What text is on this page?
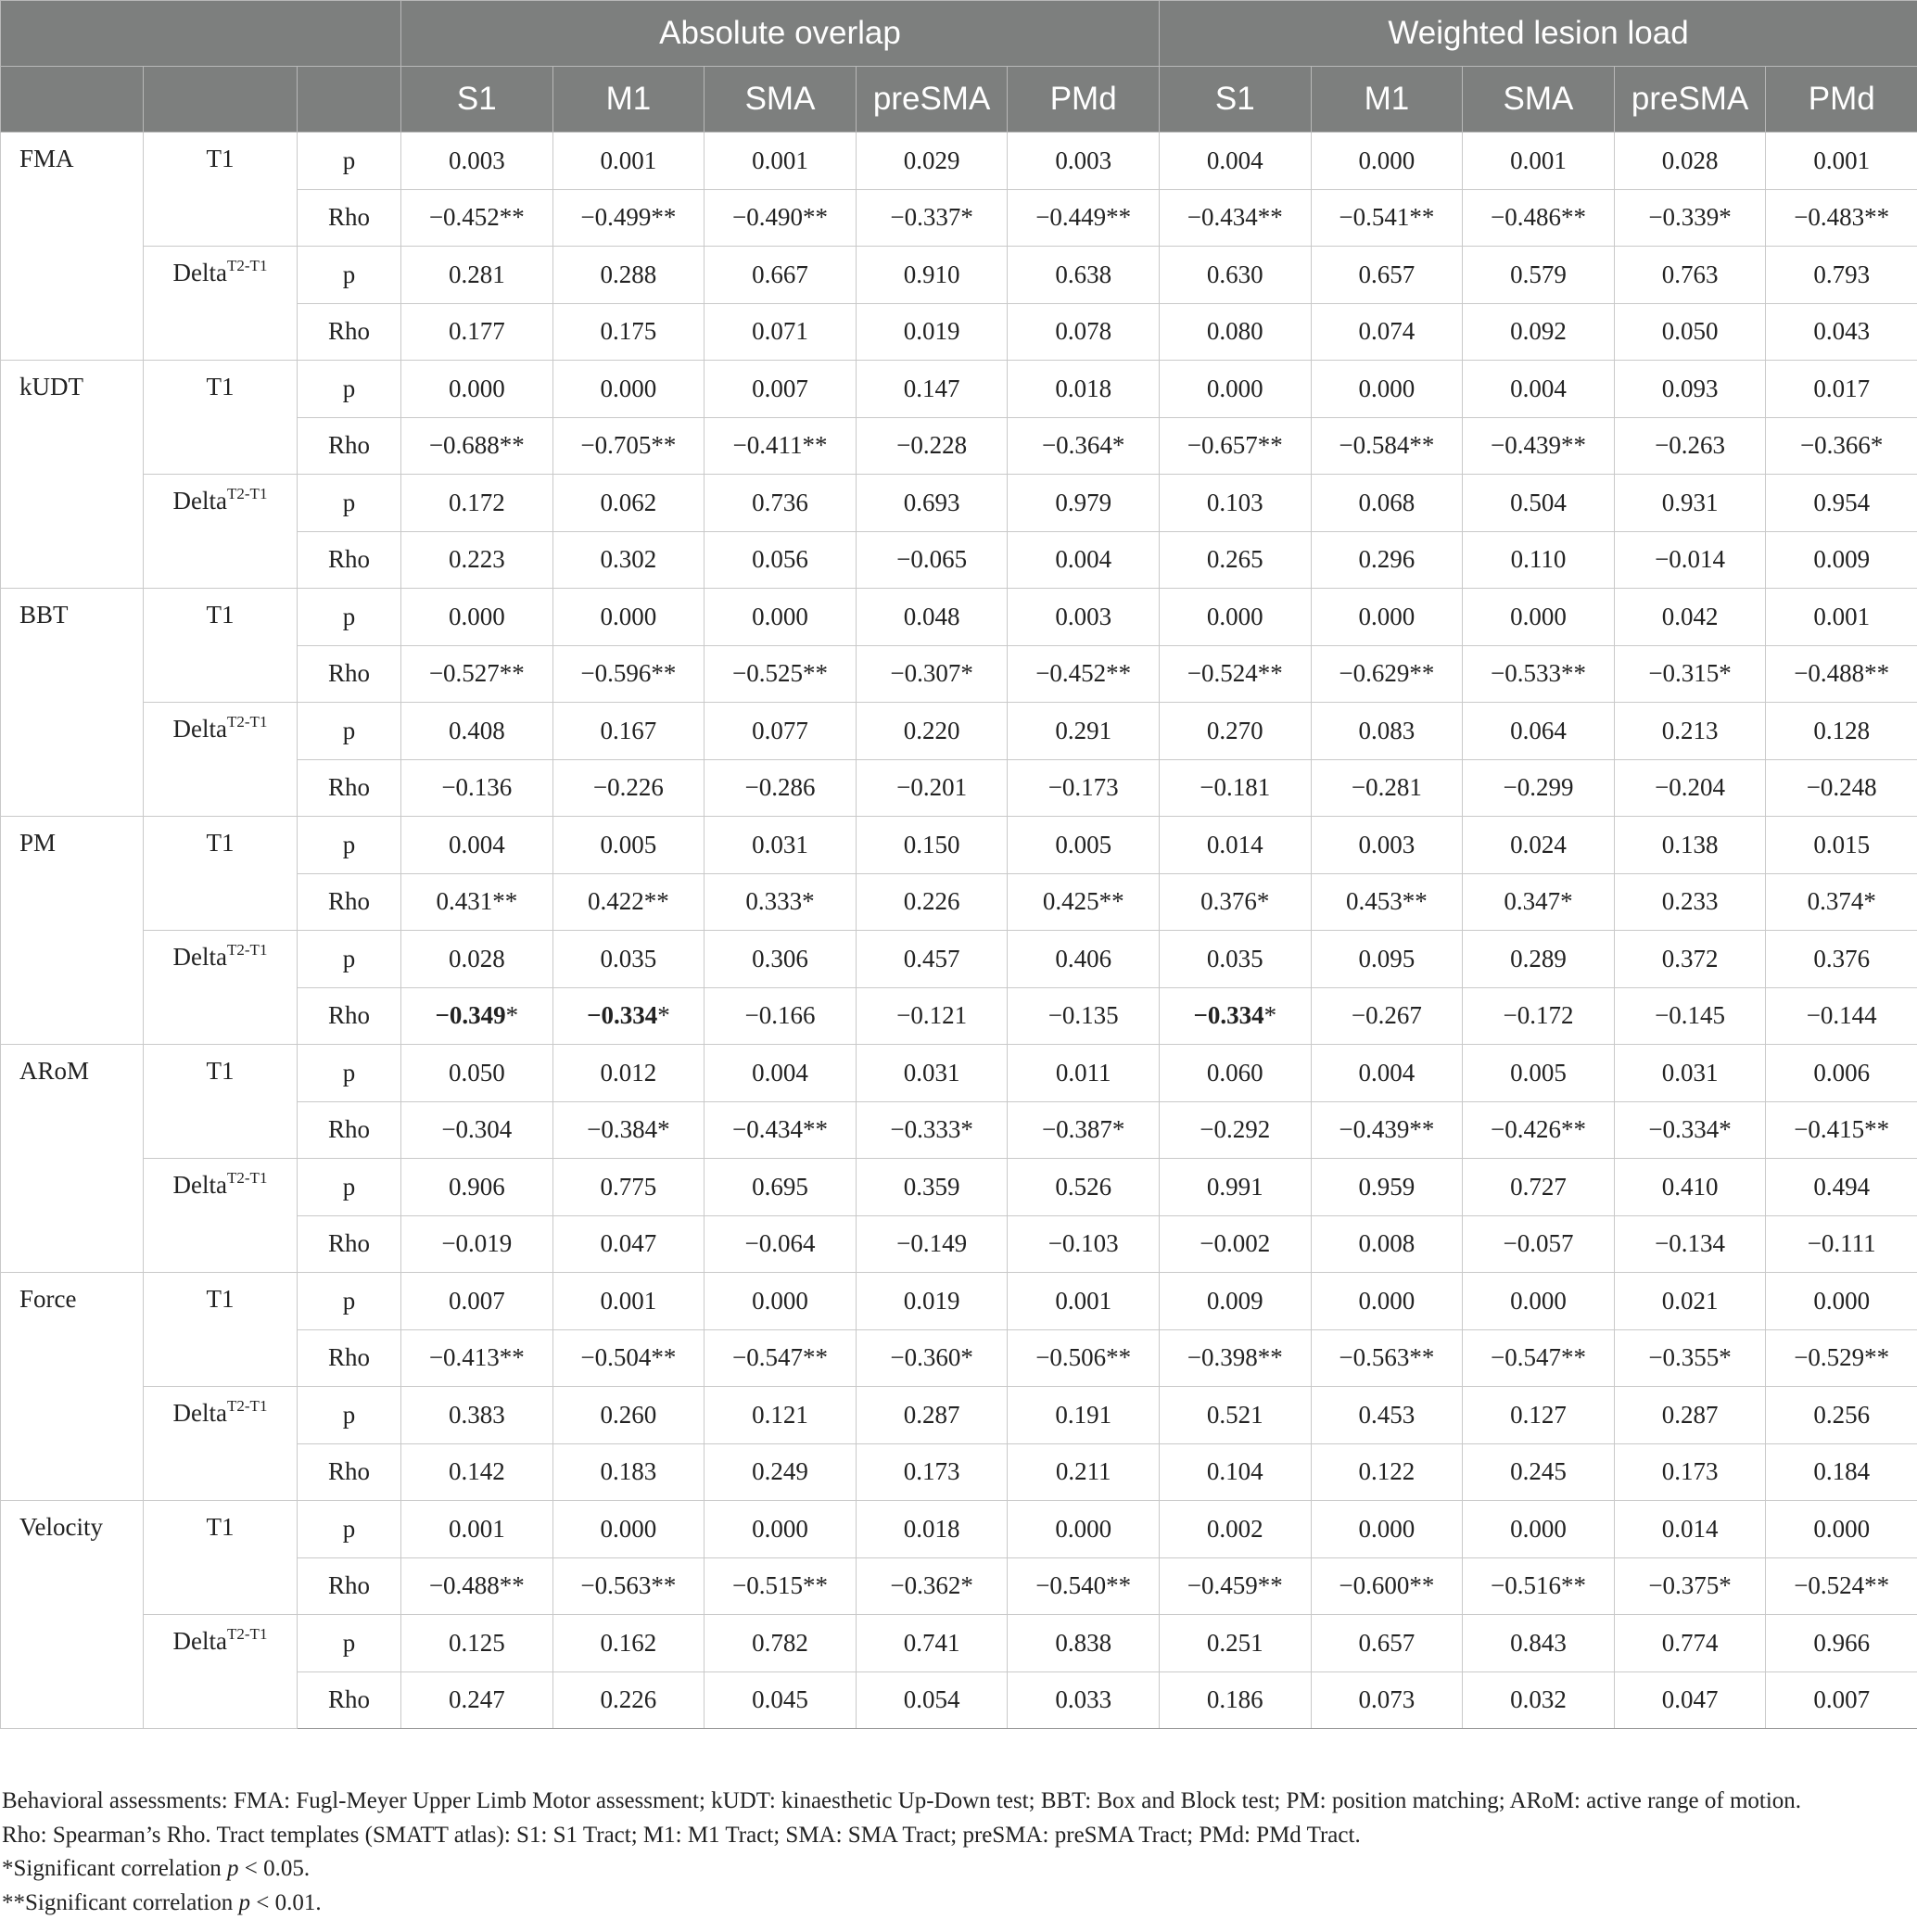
			Absolute overlap					Weighted lesion load				
			S1	M1	SMA	preSMA	PMd	S1	M1	SMA	preSMA	PMd
FMA	T1	p	0.003	0.001	0.001	0.029	0.003	0.004	0.000	0.001	0.028	0.001
		Rho	−0.452**	−0.499**	−0.490**	−0.337*	−0.449**	−0.434**	−0.541**	−0.486**	−0.339*	−0.483**
	Delta$^{T2-T1}$	p	0.281	0.288	0.667	0.910	0.638	0.630	0.657	0.579	0.763	0.793
		Rho	0.177	0.175	0.071	0.019	0.078	0.080	0.074	0.092	0.050	0.043
kUDT	T1	p	0.000	0.000	0.007	0.147	0.018	0.000	0.000	0.004	0.093	0.017
		Rho	−0.688**	−0.705**	−0.411**	−0.228	−0.364*	−0.657**	−0.584**	−0.439**	−0.263	−0.366*
	Delta$^{T2-T1}$	p	0.172	0.062	0.736	0.693	0.979	0.103	0.068	0.504	0.931	0.954
		Rho	0.223	0.302	0.056	−0.065	0.004	0.265	0.296	0.110	−0.014	0.009
BBT	T1	p	0.000	0.000	0.000	0.048	0.003	0.000	0.000	0.000	0.042	0.001
		Rho	−0.527**	−0.596**	−0.525**	−0.307*	−0.452**	−0.524**	−0.629**	−0.533**	−0.315*	−0.488**
	Delta$^{T2-T1}$	p	0.408	0.167	0.077	0.220	0.291	0.270	0.083	0.064	0.213	0.128
		Rho	−0.136	−0.226	−0.286	−0.201	−0.173	−0.181	−0.281	−0.299	−0.204	−0.248
PM	T1	p	0.004	0.005	0.031	0.150	0.005	0.014	0.003	0.024	0.138	0.015
		Rho	0.431**	0.422**	0.333*	0.226	0.425**	0.376*	0.453**	0.347*	0.233	0.374*
	Delta$^{T2-T1}$	p	0.028	0.035	0.306	0.457	0.406	0.035	0.095	0.289	0.372	0.376
		Rho	−0.349*	−0.334*	−0.166	−0.121	−0.135	−0.334*	−0.267	−0.172	−0.145	−0.144
ARoM	T1	p	0.050	0.012	0.004	0.031	0.011	0.060	0.004	0.005	0.031	0.006
		Rho	−0.304	−0.384*	−0.434**	−0.333*	−0.387*	−0.292	−0.439**	−0.426**	−0.334*	−0.415**
	Delta$^{T2-T1}$	p	0.906	0.775	0.695	0.359	0.526	0.991	0.959	0.727	0.410	0.494
		Rho	−0.019	0.047	−0.064	−0.149	−0.103	−0.002	0.008	−0.057	−0.134	−0.111
Force	T1	p	0.007	0.001	0.000	0.019	0.001	0.009	0.000	0.000	0.021	0.000
		Rho	−0.413**	−0.504**	−0.547**	−0.360*	−0.506**	−0.398**	−0.563**	−0.547**	−0.355*	−0.529**
	Delta$^{T2-T1}$	p	0.383	0.260	0.121	0.287	0.191	0.521	0.453	0.127	0.287	0.256
		Rho	0.142	0.183	0.249	0.173	0.211	0.104	0.122	0.245	0.173	0.184
Velocity	T1	p	0.001	0.000	0.000	0.018	0.000	0.002	0.000	0.000	0.014	0.000
		Rho	−0.488**	−0.563**	−0.515**	−0.362*	−0.540**	−0.459**	−0.600**	−0.516**	−0.375*	−0.524**
	Delta$^{T2-T1}$	p	0.125	0.162	0.782	0.741	0.838	0.251	0.657	0.843	0.774	0.966
		Rho	0.247	0.226	0.045	0.054	0.033	0.186	0.073	0.032	0.047	0.007

Behavioral assessments: FMA: Fugl-Meyer Upper Limb Motor assessment; kUDT: kinaesthetic Up-Down test; BBT: Box and Block test; PM: position matching; ARoM: active range of motion.

Rho: Spearman’s Rho. Tract templates (SMATT atlas): S1: S1 Tract; M1: M1 Tract; SMA: SMA Tract; preSMA: preSMA Tract; PMd: PMd Tract.

*Significant correlation p < 0.05.

**Significant correlation p < 0.01.
